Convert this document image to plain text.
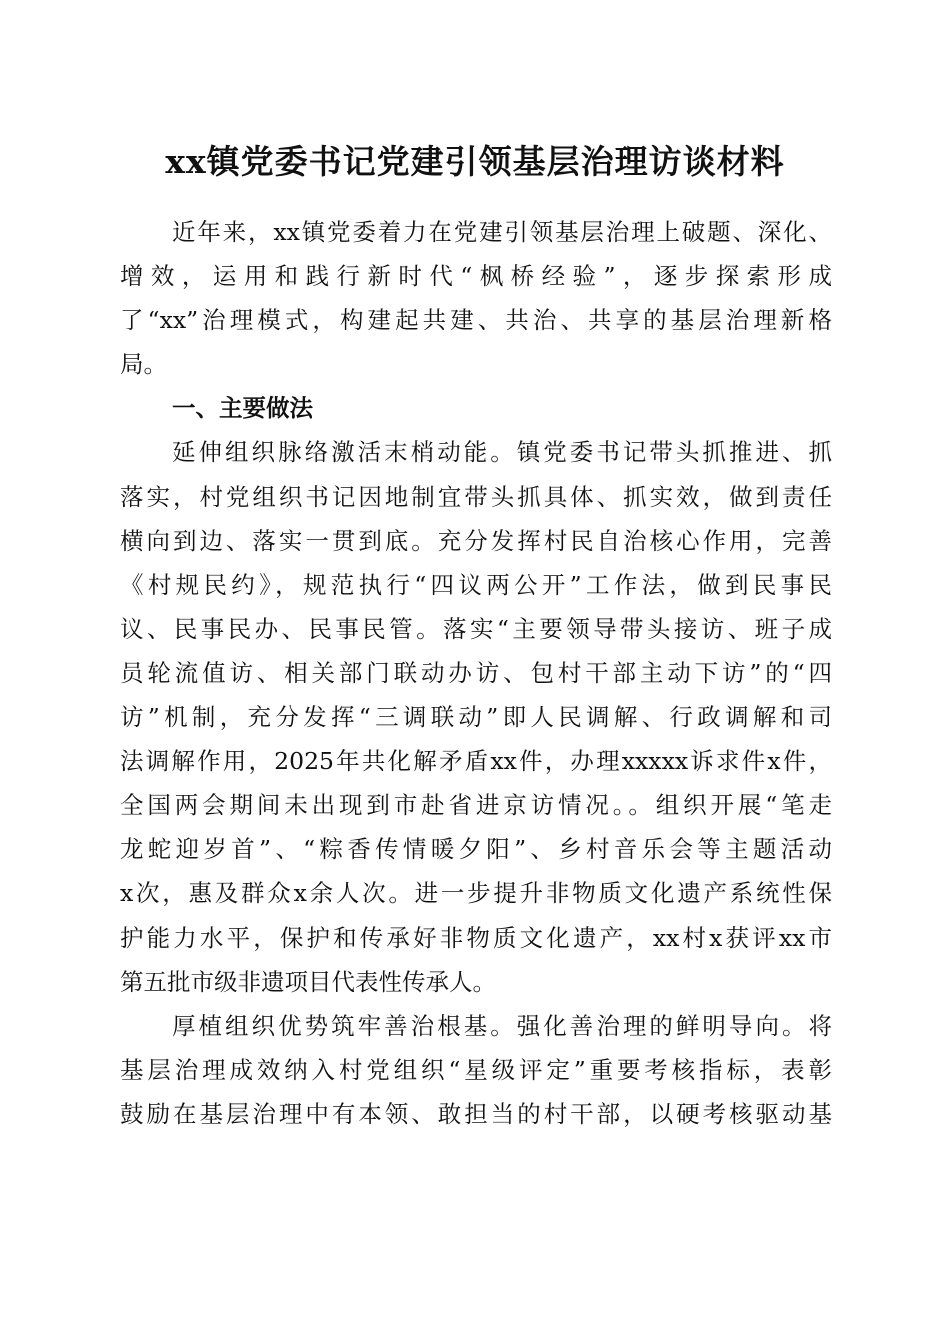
xx镇党委书记党建引领基层治理访谈材料
近年来，xx镇党委着力在党建引领基层治理上破题、深化、
增效，运用和践行新时代“枫桥经验”，逐步探索形成
了“xx”治理模式，构建起共建、共治、共享的基层治理新格
局。
一、主要做法
延伸组织脉络激活末梢动能。镇党委书记带头抓推进、抓
落实，村党组织书记因地制宜带头抓具体、抓实效，做到责任
横向到边、落实一贯到底。充分发挥村民自治核心作用，完善
《村规民约》，规范执行“四议两公开”工作法，做到民事民
议、民事民办、民事民管。落实“主要领导带头接访、班子成
员轮流值访、相关部门联动办访、包村干部主动下访”的“四
访”机制，充分发挥“三调联动”即人民调解、行政调解和司
法调解作用，2025年共化解矛盾xx件，办理xxxxx诉求件x件，
全国两会期间未出现到市赴省进京访情况。。组织开展“笔走
龙蛇迎岁首”、“粽香传情暖夕阳”、乡村音乐会等主题活动
x次，惠及群众x余人次。进一步提升非物质文化遗产系统性保
护能力水平，保护和传承好非物质文化遗产，xx村x获评xx市
第五批市级非遗项目代表性传承人。
厚植组织优势筑牢善治根基。强化善治理的鲜明导向。将
基层治理成效纳入村党组织“星级评定”重要考核指标，表彰
鼓励在基层治理中有本领、敢担当的村干部，以硬考核驱动基
